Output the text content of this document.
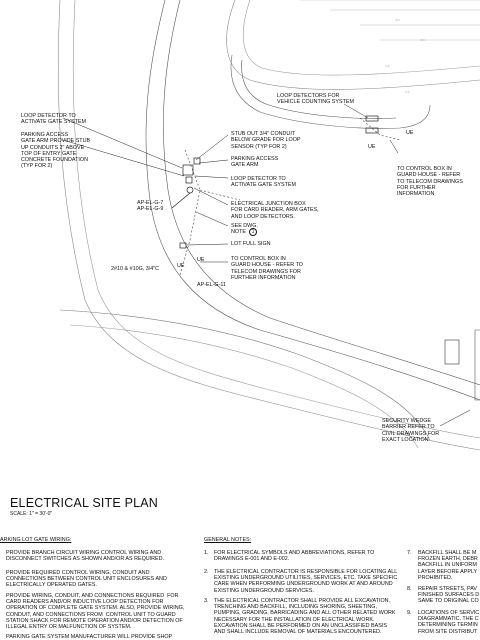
⇦
⇦
⇨
⇨
LOOP DETECTORS FOR
VEHICLE COUNTING SYSTEM
LOOP DETECTOR TO
ACTIVATE GATE SYSTEM
PARKING ACCESS
GATE ARM PROVIDE STUB
UP CONDUITS 2" ABOVE
TOP OF ENTRY GATE
CONCRETE FOUNDATION
(TYP FOR 2)
STUB OUT 3/4" CONDUIT
BELOW GRADE FOR LOOP
SENSOR (TYP FOR 2)
PARKING ACCESS
GATE ARM
LOOP DETECTOR TO
ACTIVATE GATE SYSTEM
AP-EL-G-7
AP-EL-G-9
ELECTRICAL JUNCTION BOX
FOR CARD READER, ARM GATES,
AND LOOP DETECTORS.
SEE DWG.
NOTE	1
LOT FULL SIGN
TO CONTROL BOX IN
GUARD HOUSE - REFER
TO TELECOM DRAWINGS
FOR FURTHER
INFORMATION
TO CONTROL BOX IN
GUARD HOUSE - REFER TO
TELECOM DRAWINGS FOR
FURTHER INFORMATION
2#10 & #10G, 3/4"C
AP-EL-G-11
UE
UE
UE
UE
SECURITY WEDGE
BARRIER REFER TO
CIVIL DRAWINGS FOR
EXACT LOCATION
ELECTRICAL SITE PLAN
SCALE: 1" = 30'-0"
ARKING LOT GATE WIRING:
PROVIDE BRANCH CIRCUIT WIRING CONTROL WIRING AND
DISCONNECT SWITCHES AS SHOWN AND/OR AS REQUIRED.
PROVIDE REQUIRED CONTROL WIRING, CONDUIT AND
CONNECTIONS BETWEEN CONTROL UNIT ENCLOSURES AND
ELECTRICALLY OPERATED GATES.
PROVIDE WIRING, CONDUIT, AND CONNECTIONS REQUIRED  FOR
CARD READERS AND/OR INDUCTIVE LOOP DETECTION FOR
OPERATION OF COMPLETE GATE SYSTEM. ALSO, PROVIDE WIRING,
CONDUIT, AND CONNECTIONS FROM  CONTROL UNIT TO GUARD
STATION SHACK FOR REMOTE OPERATION AND/OR DETECTION OF
ILLEGAL ENTRY OR MALFUNCTION OF SYSTEM.
PARKING GATE SYSTEM MANUFACTURER WILL PROVIDE SHOP
GENERAL NOTES:
1. FOR ELECTRICAL SYMBOLS AND ABBREVIATIONS, REFER TO
DRAWINGS E-001 AND E-002.
2. THE ELECTRICAL CONTRACTOR IS RESPONSIBLE FOR LOCATING ALL
EXISTING UNDERGROUND UTILITIES, SERVICES, ETC. TAKE SPECIFIC
CARE WHEN PERFORMING UNDERGROUND WORK AT AND AROUND
EXISTING UNDERGROUND SERVICES.
3. THE ELECTRICAL CONTRACTOR SHALL PROVIDE ALL EXCAVATION,
TRENCHING AND BACKFILL, INCLUDING SHORING, SHEETING,
PUMPING, GRADING, BARRICADING AND ALL OTHER RELATED WORK
NECESSARY FOR THE INSTALLATION OF ELECTRICAL WORK.
EXCAVATION SHALL BE PERFORMED ON AN UNCLASSIFIED BASIS
AND SHALL INCLUDE REMOVAL OF MATERIALS ENCOUNTERED.
7. BACKFILL SHALL BE M
FROZEN EARTH, DEBR
BACKFILL IN UNIFORM
LAYER BEFORE APPLY
PROHIBITED.
8. REPAIR STREETS, PAV
FINISHED SURFACES D
SAME TO ORIGINAL CO
9. LOCATIONS OF SERVIC
DIAGRAMMATIC. THE C
DETERMINING TERMIN
FROM SITE DISTRIBUT
